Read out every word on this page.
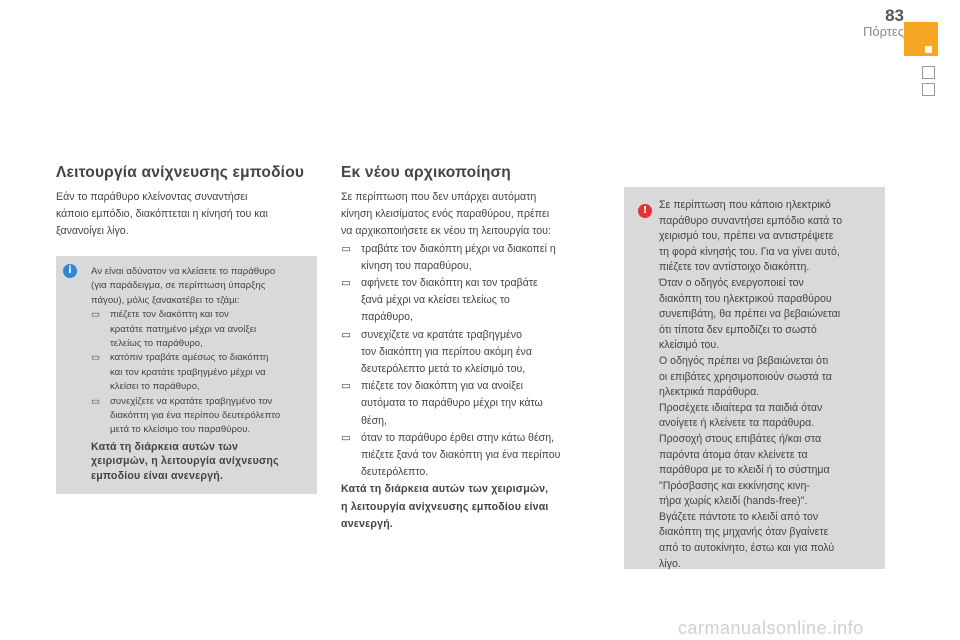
83
Πόρτες
Λειτουργία ανίχνευσης εμποδίου

Εάν το παράθυρο κλείνοντας συναντήσει

κάποιο εμπόδιο, διακόπτεται η κίνησή του και

ξανανοίγει λίγο.

i	Αν είναι αδύνατον να κλείσετε το παράθυρο

(για παράδειγμα, σε περίπτωση ύπαρξης

πάγου), μόλις ξανακατέβει το τζάμι:

▭ πιέζετε τον διακόπτη και τον

κρατάτε πατημένο μέχρι να ανοίξει

τελείως το παράθυρο,

▭ κατόπιν τραβάτε αμέσως το διακόπτη

και τον κρατάτε τραβηγμένο μέχρι να

κλείσει το παράθυρο,

▭ συνεχίζετε να κρατάτε τραβηγμένο τον

διακόπτη για ένα περίπου δευτερόλεπτο

μετά το κλείσιμο του παραθύρου.

Κατά τη διάρκεια αυτών των

χειρισμών, η λειτουργία ανίχνευσης

εμποδίου είναι ανενεργή.

Εκ νέου αρχικοποίηση

Σε περίπτωση που δεν υπάρχει αυτόματη

κίνηση κλεισίματος ενός παραθύρου, πρέπει

να αρχικοποιήσετε εκ νέου τη λειτουργία του:

▭ τραβάτε τον διακόπτη μέχρι να διακοπεί η

κίνηση του παραθύρου,

▭ αφήνετε τον διακόπτη και τον τραβάτε

ξανά μέχρι να κλείσει τελείως το

παράθυρο,

▭ συνεχίζετε να κρατάτε τραβηγμένο

τον διακόπτη για περίπου ακόμη ένα

δευτερόλεπτο μετά το κλείσιμό του,

▭ πιέζετε τον διακόπτη για να ανοίξει

αυτόματα το παράθυρο μέχρι την κάτω

θέση,

▭ όταν το παράθυρο έρθει στην κάτω θέση,

πιέζετε ξανά τον διακόπτη για ένα περίπου

δευτερόλεπτο.

Κατά τη διάρκεια αυτών των χειρισμών,

η λειτουργία ανίχνευσης εμποδίου είναι

ανενεργή.

!	Σε περίπτωση που κάποιο ηλεκτρικό

παράθυρο συναντήσει εμπόδιο κατά το

χειρισμό του, πρέπει να αντιστρέψετε

τη φορά κίνησής του. Για να γίνει αυτό,

πιέζετε τον αντίστοιχο διακόπτη.

Όταν ο οδηγός ενεργοποιεί τον

διακόπτη του ηλεκτρικού παραθύρου

συνεπιβάτη, θα πρέπει να βεβαιώνεται

ότι τίποτα δεν εμποδίζει το σωστό

κλείσιμό του.

Ο οδηγός πρέπει να βεβαιώνεται ότι

οι επιβάτες χρησιμοποιούν σωστά τα

ηλεκτρικά παράθυρα.

Προσέχετε ιδιαίτερα τα παιδιά όταν

ανοίγετε ή κλείνετε τα παράθυρα.

Προσοχή στους επιβάτες ή/και στα

παρόντα άτομα όταν κλείνετε τα

παράθυρα με το κλειδί ή το σύστημα

"Πρόσβασης και εκκίνησης κινη-

τήρα χωρίς κλειδί (hands-free)".

Βγάζετε πάντοτε το κλειδί από τον

διακόπτη της μηχανής όταν βγαίνετε

από το αυτοκίνητο, έστω και για πολύ

λίγο.

carmanualsonline.info
